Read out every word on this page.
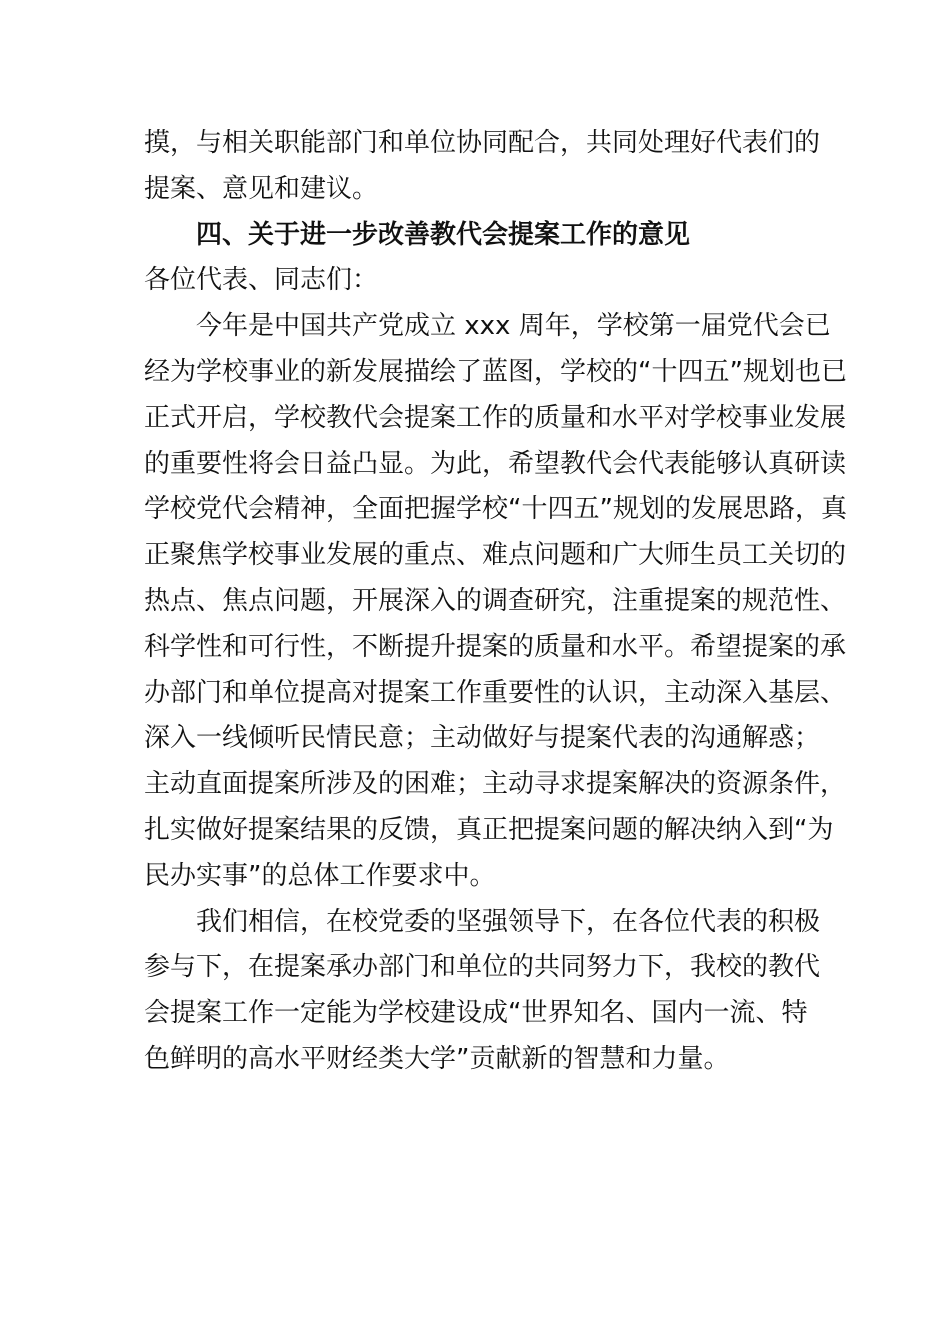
摸，与相关职能部门和单位协同配合，共同处理好代表们的
提案、意见和建议。
四、关于进一步改善教代会提案工作的意见
各位代表、同志们：
今年是中国共产党成立 xxx 周年，学校第一届党代会已
经为学校事业的新发展描绘了蓝图，学校的“十四五”规划也已
正式开启，学校教代会提案工作的质量和水平对学校事业发展
的重要性将会日益凸显。为此，希望教代会代表能够认真研读
学校党代会精神，全面把握学校“十四五”规划的发展思路，真
正聚焦学校事业发展的重点、难点问题和广大师生员工关切的
热点、焦点问题，开展深入的调查研究，注重提案的规范性、
科学性和可行性，不断提升提案的质量和水平。希望提案的承
办部门和单位提高对提案工作重要性的认识，主动深入基层、
深入一线倾听民情民意；主动做好与提案代表的沟通解惑；
主动直面提案所涉及的困难；主动寻求提案解决的资源条件，
扎实做好提案结果的反馈，真正把提案问题的解决纳入到“为
民办实事”的总体工作要求中。
我们相信，在校党委的坚强领导下，在各位代表的积极
参与下，在提案承办部门和单位的共同努力下，我校的教代
会提案工作一定能为学校建设成“世界知名、国内一流、特
色鲜明的高水平财经类大学”贡献新的智慧和力量。
